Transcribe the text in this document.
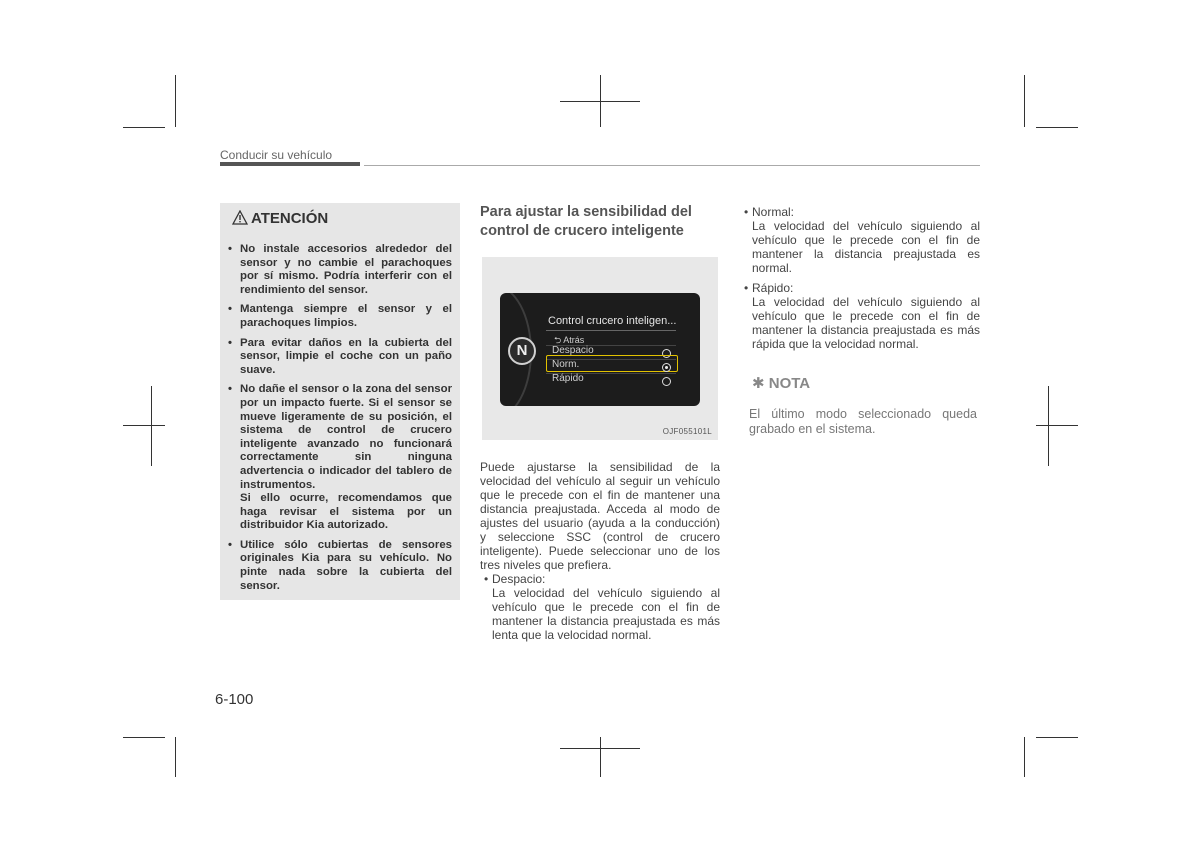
Conducir su vehículo
ATENCIÓN
• No instale accesorios alrededor del sensor y no cambie el parachoques por sí mismo. Podría interferir con el rendimiento del sensor.
• Mantenga siempre el sensor y el parachoques limpios.
• Para evitar daños en la cubierta del sensor, limpie el coche con un paño suave.
• No dañe el sensor o la zona del sensor por un impacto fuerte. Si el sensor se mueve ligeramente de su posición, el sistema de control de crucero inteligente avanzado no funcionará correctamente sin ninguna advertencia o indicador del tablero de instrumentos.
Si ello ocurre, recomendamos que haga revisar el sistema por un distribuidor Kia autorizado.
• Utilice sólo cubiertas de sensores originales Kia para su vehículo. No pinte nada sobre la cubierta del sensor.
Para ajustar la sensibilidad del control de crucero inteligente
N
Control crucero inteligen...
⮌ Atrás
Despacio
Norm.
Rápido
OJF055101L
Puede ajustarse la sensibilidad de la velocidad del vehículo al seguir un vehículo que le precede con el fin de mantener una distancia preajustada. Acceda al modo de ajustes del usuario (ayuda a la conducción) y seleccione SSC (control de crucero inteligente). Puede seleccionar uno de los tres niveles que prefiera.
• Despacio:
La velocidad del vehículo siguiendo al vehículo que le precede con el fin de mantener la distancia preajustada es más lenta que la velocidad normal.
• Normal:
La velocidad del vehículo siguiendo al vehículo que le precede con el fin de mantener la distancia preajustada es normal.
• Rápido:
La velocidad del vehículo siguiendo al vehículo que le precede con el fin de mantener la distancia preajustada es más rápida que la velocidad normal.
✱ NOTA
El último modo seleccionado queda grabado en el sistema.
6-100
